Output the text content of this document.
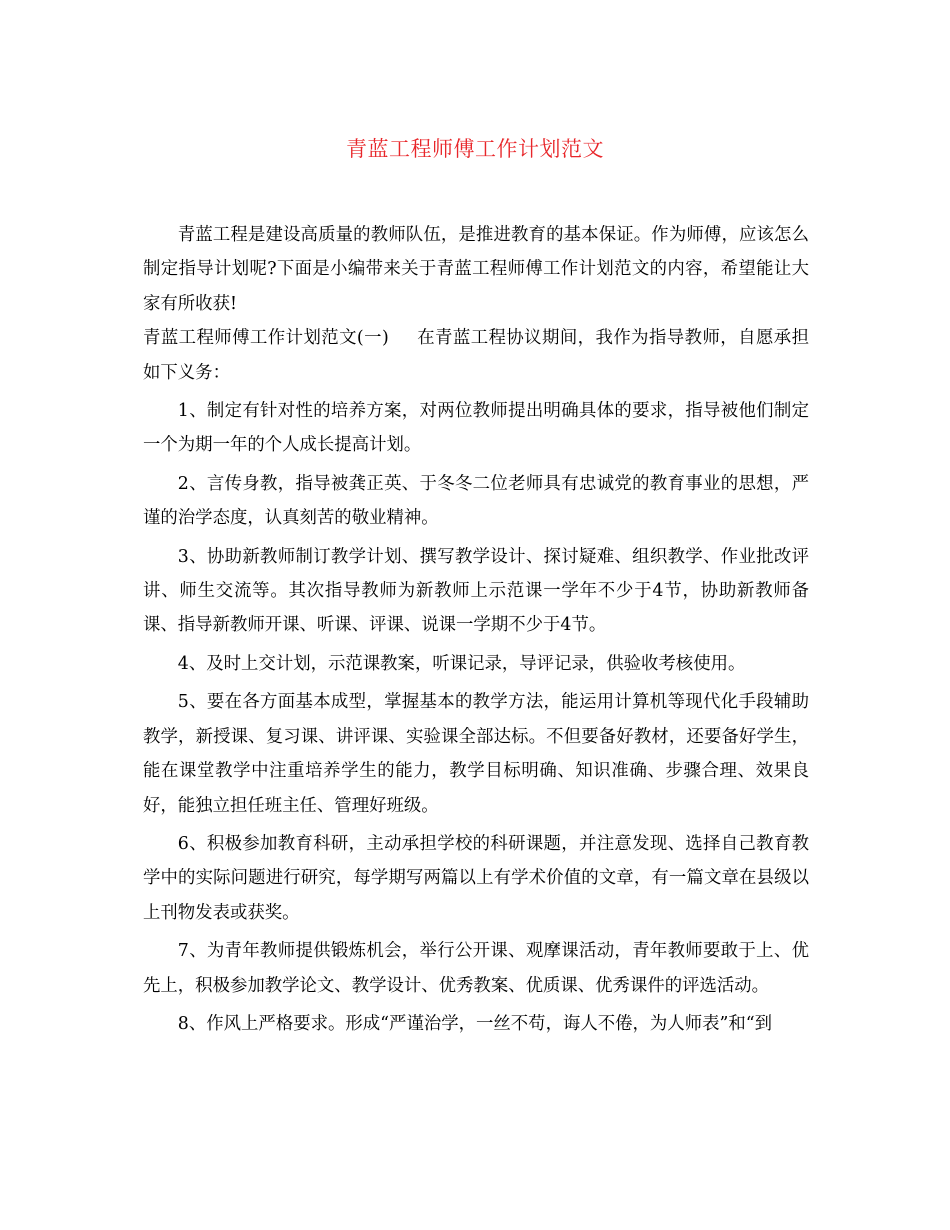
青蓝工程师傅工作计划范文

青蓝工程是建设高质量的教师队伍，是推进教育的基本保证。作为师傅，应该怎么制定指导计划呢?下面是小编带来关于青蓝工程师傅工作计划范文的内容，希望能让大家有所收获!

青蓝工程师傅工作计划范文(一) 在青蓝工程协议期间，我作为指导教师，自愿承担如下义务：

1、制定有针对性的培养方案，对两位教师提出明确具体的要求，指导被他们制定一个为期一年的个人成长提高计划。

2、言传身教，指导被龚正英、于冬冬二位老师具有忠诚党的教育事业的思想，严谨的治学态度，认真刻苦的敬业精神。

3、协助新教师制订教学计划、撰写教学设计、探讨疑难、组织教学、作业批改评讲、师生交流等。其次指导教师为新教师上示范课一学年不少于4节，协助新教师备课、指导新教师开课、听课、评课、说课一学期不少于4节。

4、及时上交计划，示范课教案，听课记录，导评记录，供验收考核使用。

5、要在各方面基本成型，掌握基本的教学方法，能运用计算机等现代化手段辅助教学，新授课、复习课、讲评课、实验课全部达标。不但要备好教材，还要备好学生，能在课堂教学中注重培养学生的能力，教学目标明确、知识准确、步骤合理、效果良好，能独立担任班主任、管理好班级。

6、积极参加教育科研，主动承担学校的科研课题，并注意发现、选择自己教育教学中的实际问题进行研究，每学期写两篇以上有学术价值的文章，有一篇文章在县级以上刊物发表或获奖。

7、为青年教师提供锻炼机会，举行公开课、观摩课活动，青年教师要敢于上、优先上，积极参加教学论文、教学设计、优秀教案、优质课、优秀课件的评选活动。

8、作风上严格要求。形成“严谨治学，一丝不苟，诲人不倦，为人师表”和“到
